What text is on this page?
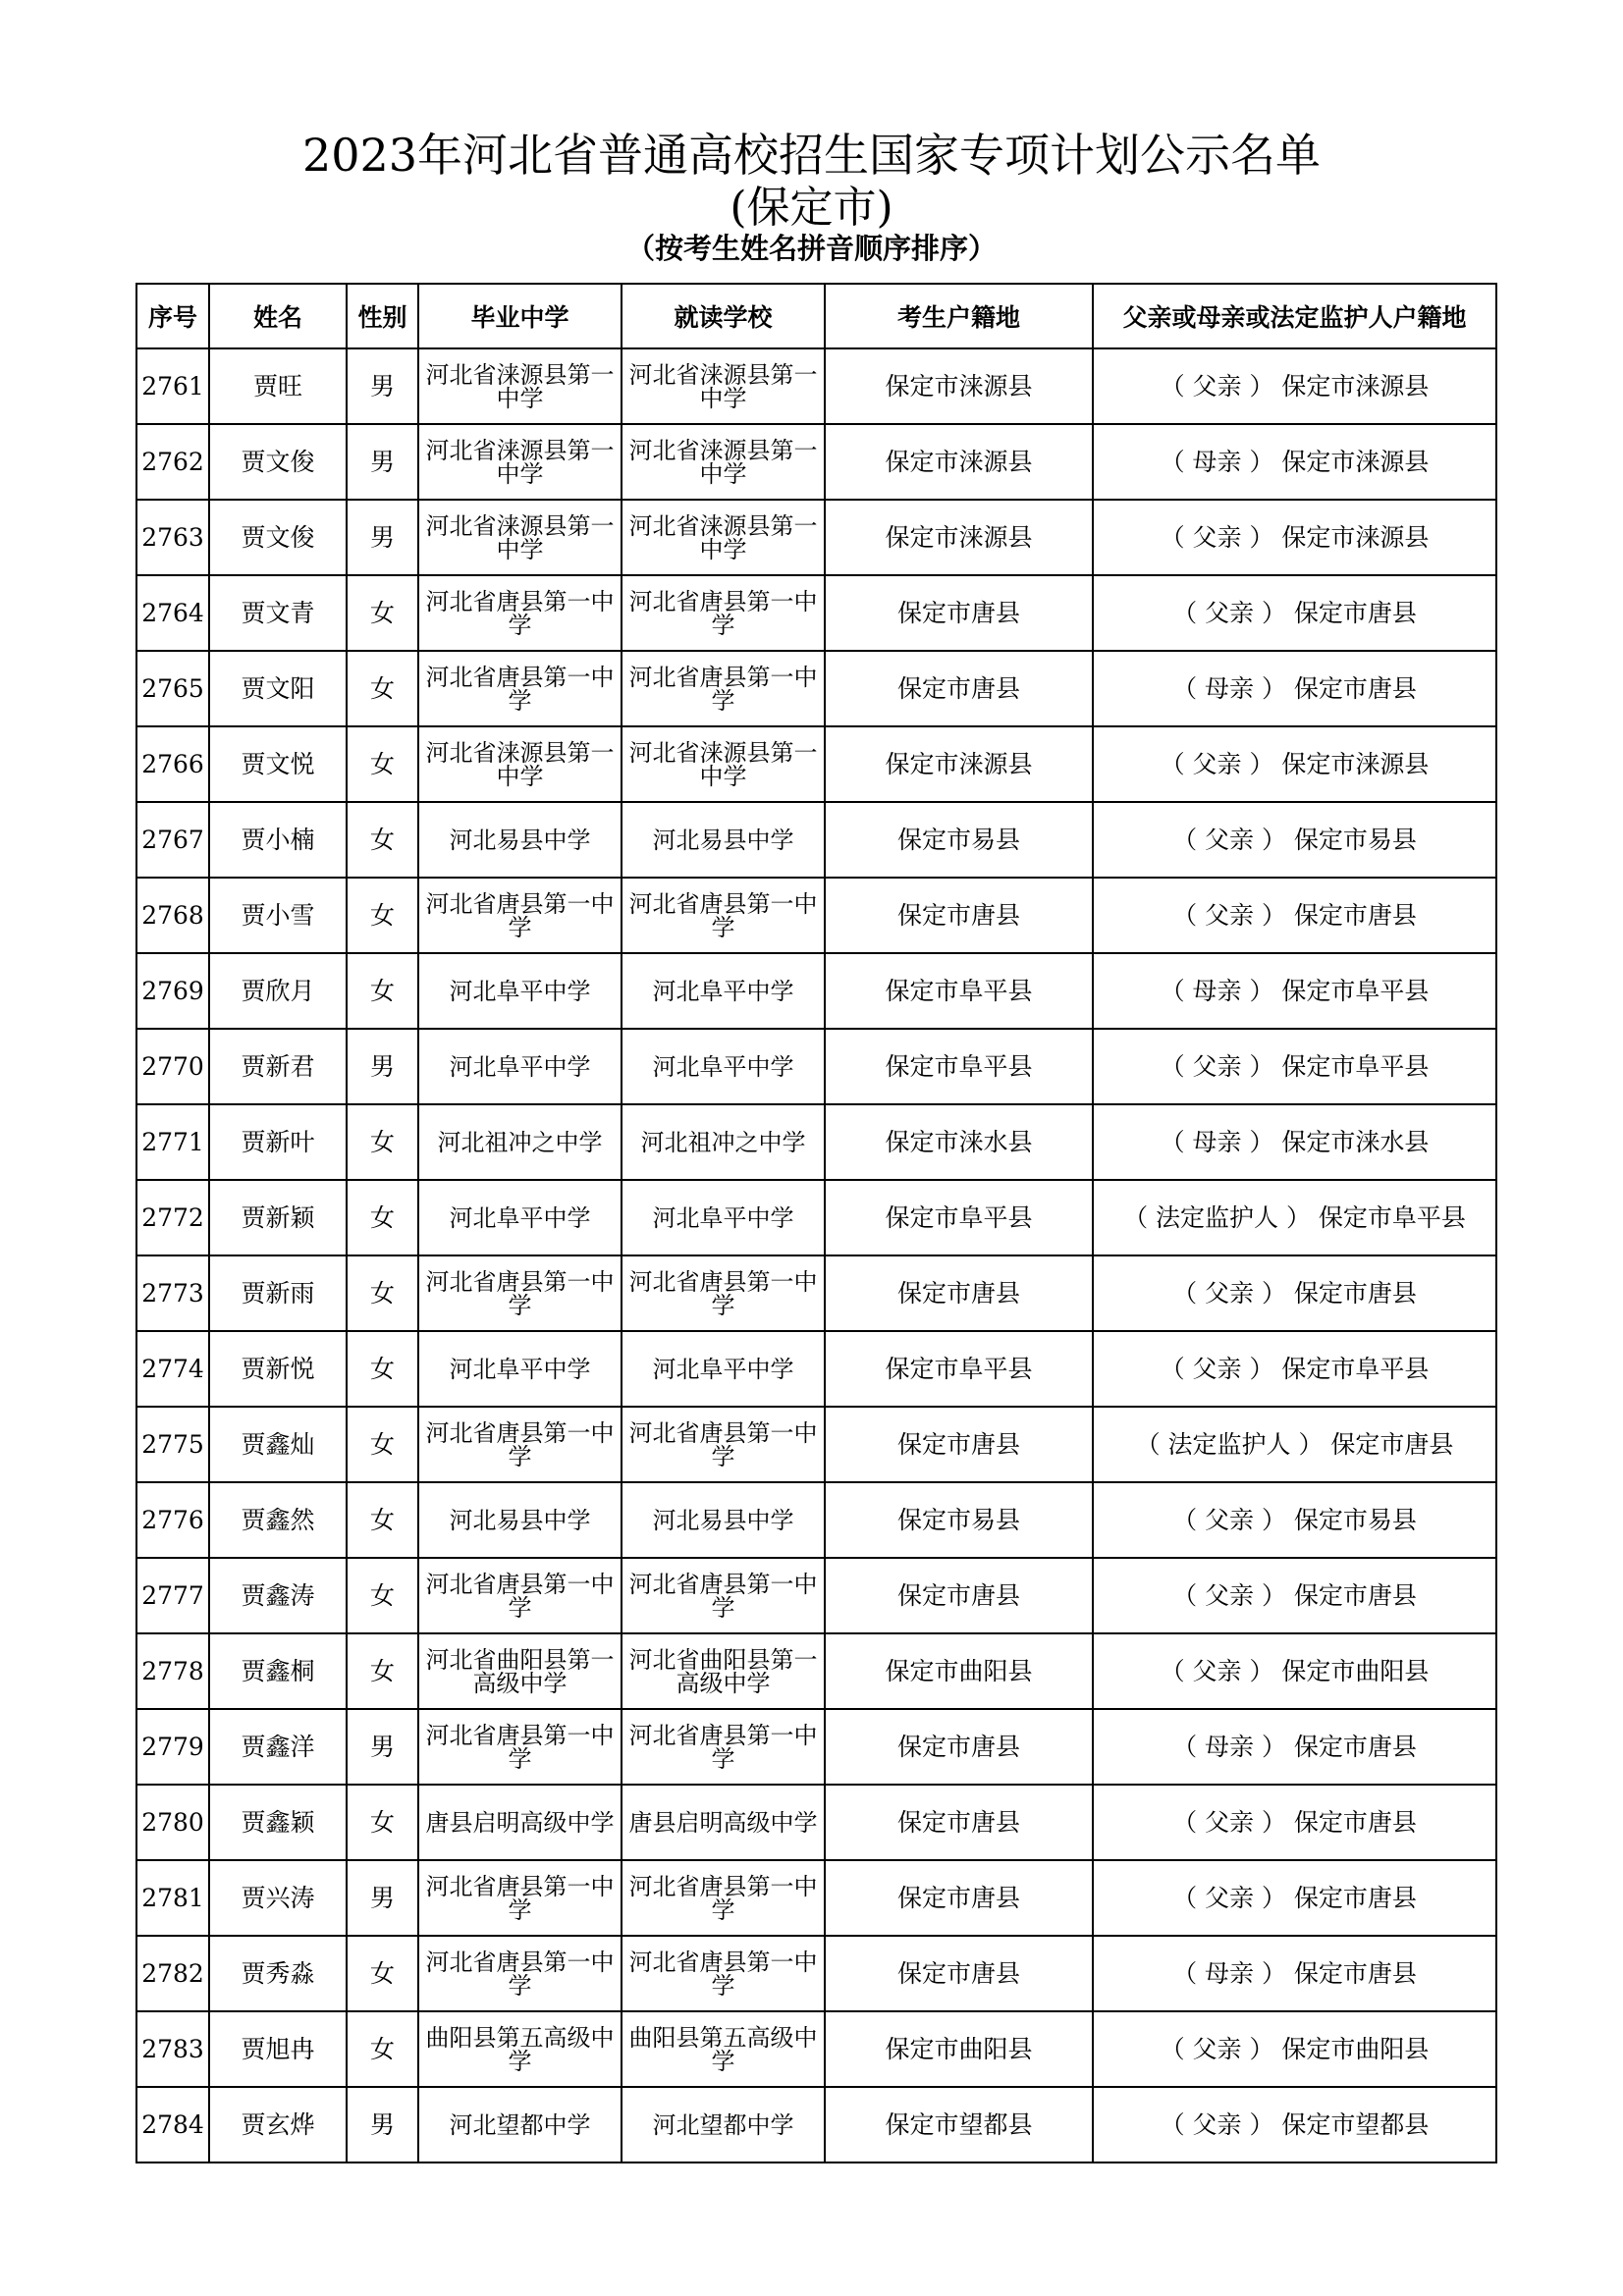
2023年河北省普通高校招生国家专项计划公示名单
(保定市)
（按考生姓名拼音顺序排序）
序号	姓名	性别	毕业中学	就读学校	考生户籍地	父亲或母亲或法定监护人户籍地
2761	贾旺	男	河北省涞源县第一中学	河北省涞源县第一中学	保定市涞源县	（ 父亲 ） 保定市涞源县
2762	贾文俊	男	河北省涞源县第一中学	河北省涞源县第一中学	保定市涞源县	（ 母亲 ） 保定市涞源县
2763	贾文俊	男	河北省涞源县第一中学	河北省涞源县第一中学	保定市涞源县	（ 父亲 ） 保定市涞源县
2764	贾文青	女	河北省唐县第一中学	河北省唐县第一中学	保定市唐县	（ 父亲 ） 保定市唐县
2765	贾文阳	女	河北省唐县第一中学	河北省唐县第一中学	保定市唐县	（ 母亲 ） 保定市唐县
2766	贾文悦	女	河北省涞源县第一中学	河北省涞源县第一中学	保定市涞源县	（ 父亲 ） 保定市涞源县
2767	贾小楠	女	河北易县中学	河北易县中学	保定市易县	（ 父亲 ） 保定市易县
2768	贾小雪	女	河北省唐县第一中学	河北省唐县第一中学	保定市唐县	（ 父亲 ） 保定市唐县
2769	贾欣月	女	河北阜平中学	河北阜平中学	保定市阜平县	（ 母亲 ） 保定市阜平县
2770	贾新君	男	河北阜平中学	河北阜平中学	保定市阜平县	（ 父亲 ） 保定市阜平县
2771	贾新叶	女	河北祖冲之中学	河北祖冲之中学	保定市涞水县	（ 母亲 ） 保定市涞水县
2772	贾新颖	女	河北阜平中学	河北阜平中学	保定市阜平县	（ 法定监护人 ） 保定市阜平县
2773	贾新雨	女	河北省唐县第一中学	河北省唐县第一中学	保定市唐县	（ 父亲 ） 保定市唐县
2774	贾新悦	女	河北阜平中学	河北阜平中学	保定市阜平县	（ 父亲 ） 保定市阜平县
2775	贾鑫灿	女	河北省唐县第一中学	河北省唐县第一中学	保定市唐县	（ 法定监护人 ） 保定市唐县
2776	贾鑫然	女	河北易县中学	河北易县中学	保定市易县	（ 父亲 ） 保定市易县
2777	贾鑫涛	女	河北省唐县第一中学	河北省唐县第一中学	保定市唐县	（ 父亲 ） 保定市唐县
2778	贾鑫桐	女	河北省曲阳县第一高级中学	河北省曲阳县第一高级中学	保定市曲阳县	（ 父亲 ） 保定市曲阳县
2779	贾鑫洋	男	河北省唐县第一中学	河北省唐县第一中学	保定市唐县	（ 母亲 ） 保定市唐县
2780	贾鑫颖	女	唐县启明高级中学	唐县启明高级中学	保定市唐县	（ 父亲 ） 保定市唐县
2781	贾兴涛	男	河北省唐县第一中学	河北省唐县第一中学	保定市唐县	（ 父亲 ） 保定市唐县
2782	贾秀淼	女	河北省唐县第一中学	河北省唐县第一中学	保定市唐县	（ 母亲 ） 保定市唐县
2783	贾旭冉	女	曲阳县第五高级中学	曲阳县第五高级中学	保定市曲阳县	（ 父亲 ） 保定市曲阳县
2784	贾玄烨	男	河北望都中学	河北望都中学	保定市望都县	（ 父亲 ） 保定市望都县
